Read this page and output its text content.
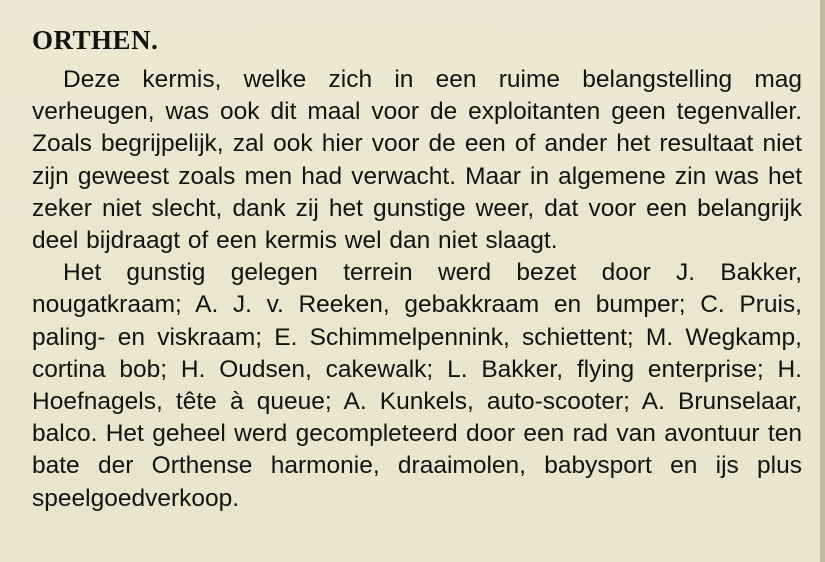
ORTHEN.

Deze kermis, welke zich in een ruime belangstelling mag verheugen, was ook dit maal voor de exploitanten geen tegenvaller. Zoals begrijpelijk, zal ook hier voor de een of ander het resultaat niet zijn geweest zoals men had verwacht. Maar in algemene zin was het zeker niet slecht, dank zij het gunstige weer, dat voor een belangrijk deel bijdraagt of een kermis wel dan niet slaagt.

Het gunstig gelegen terrein werd bezet door J. Bakker, nougatkraam; A. J. v. Reeken, gebakkraam en bumper; C. Pruis, paling- en viskraam; E. Schimmelpennink, schiettent; M. Wegkamp, cortina bob; H. Oudsen, cakewalk; L. Bakker, flying enterprise; H. Hoefnagels, tête à queue; A. Kunkels, auto-scooter; A. Brunselaar, balco. Het geheel werd gecompleteerd door een rad van avontuur ten bate der Orthense harmonie, draaimolen, babysport en ijs plus speelgoedverkoop.
